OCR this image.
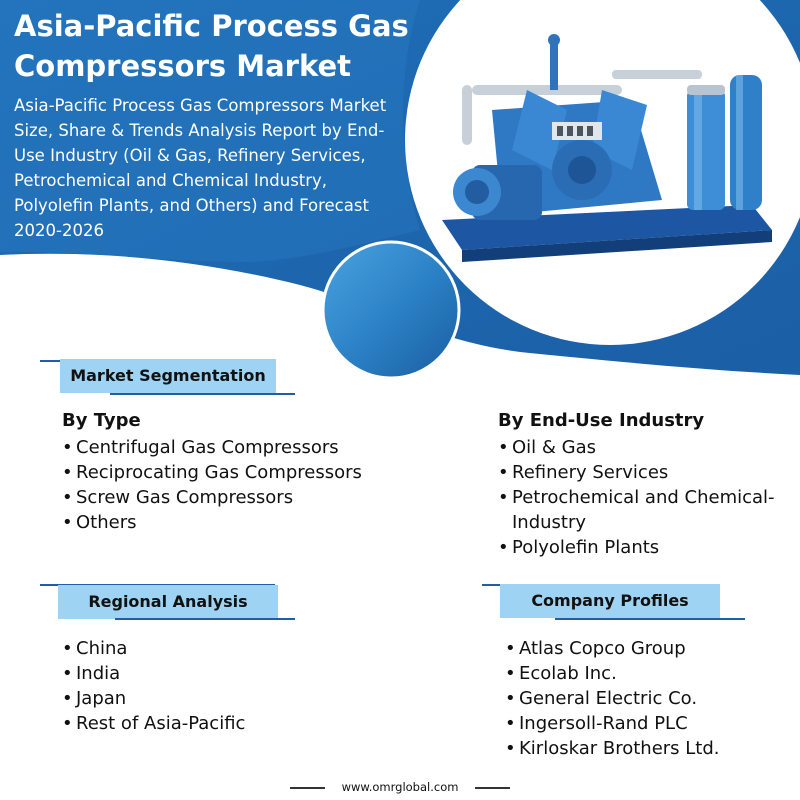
Asia-Pacific Process Gas Compressors Market

Asia-Pacific Process Gas Compressors Market Size, Share & Trends Analysis Report by End-Use Industry (Oil & Gas, Refinery Services, Petrochemical and Chemical Industry, Polyolefin Plants, and Others) and Forecast 2020-2026

Market Segmentation
By Type
• Centrifugal Gas Compressors
• Reciprocating Gas Compressors
• Screw Gas Compressors
• Others
By End-Use Industry
• Oil & Gas
• Refinery Services
• Petrochemical and Chemical-Industry
• Polyolefin Plants
Regional Analysis
• China
• India
• Japan
• Rest of Asia-Pacific
Company Profiles
• Atlas Copco Group
• Ecolab Inc.
• General Electric Co.
• Ingersoll-Rand PLC
• Kirloskar Brothers Ltd.
www.omrglobal.com
